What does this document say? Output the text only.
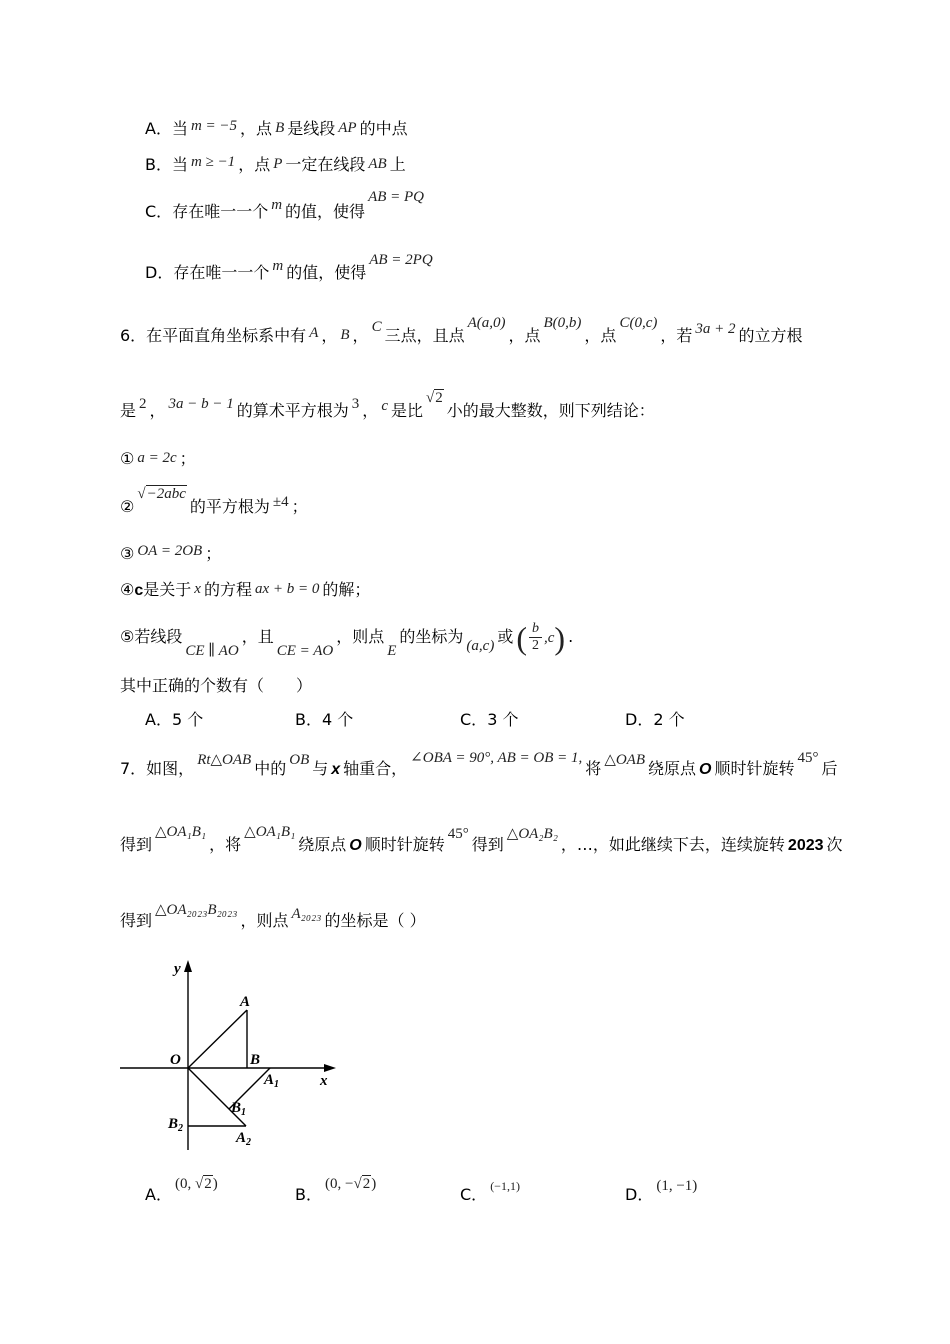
A．当 m = −5 ，点 B 是线段 AP 的中点
B．当 m ≥ −1 ，点 P 一定在线段 AB 上
C．存在唯一一个 m 的值，使得AB = PQ
D．存在唯一一个 m 的值，使得AB = 2PQ
6．在平面直角坐标系中有 A ， B ， C 三点，且点A(a,0)，点B(0,b)，点C(0,c)，若 3a + 2 的立方根
是 2 ， 3a − b − 1 的算术平方根为 3 ， c 是比√2小的最大整数，则下列结论：
① a = 2c ；
②√−2abc的平方根为 ±4 ；
③ OA = 2OB ；
④c是关于 x 的方程 ax + b = 0 的解；
⑤若线段CE ∥ AO，且CE = AO，则点E的坐标为 (a,c) 或 ( $\frac{b}{2} ,c$ ) .
其中正确的个数有（　　）
A．5 个	B．4 个	C．3 个	D．2 个
7．如图， Rt△OAB 中的 OB 与 x 轴重合，∠OBA = 90°, AB = OB = 1,将 △OAB 绕原点 O 顺时针旋转45°后
得到△OA₁B₁，将△OA₁B₁绕原点 O 顺时针旋转45°得到△OA₂B₂，…，如此继续下去，连续旋转 2023 次
得到△OA₂₀₂₃B₂₀₂₃，则点 A₂₀₂₃ 的坐标是（ ）
y
x
O
A
B
$A_1$
$B_1$
$B_2$
$A_2$
A．(0, √2)
B．(0, −√2)
C． (−1,1)	D． (1, −1)
